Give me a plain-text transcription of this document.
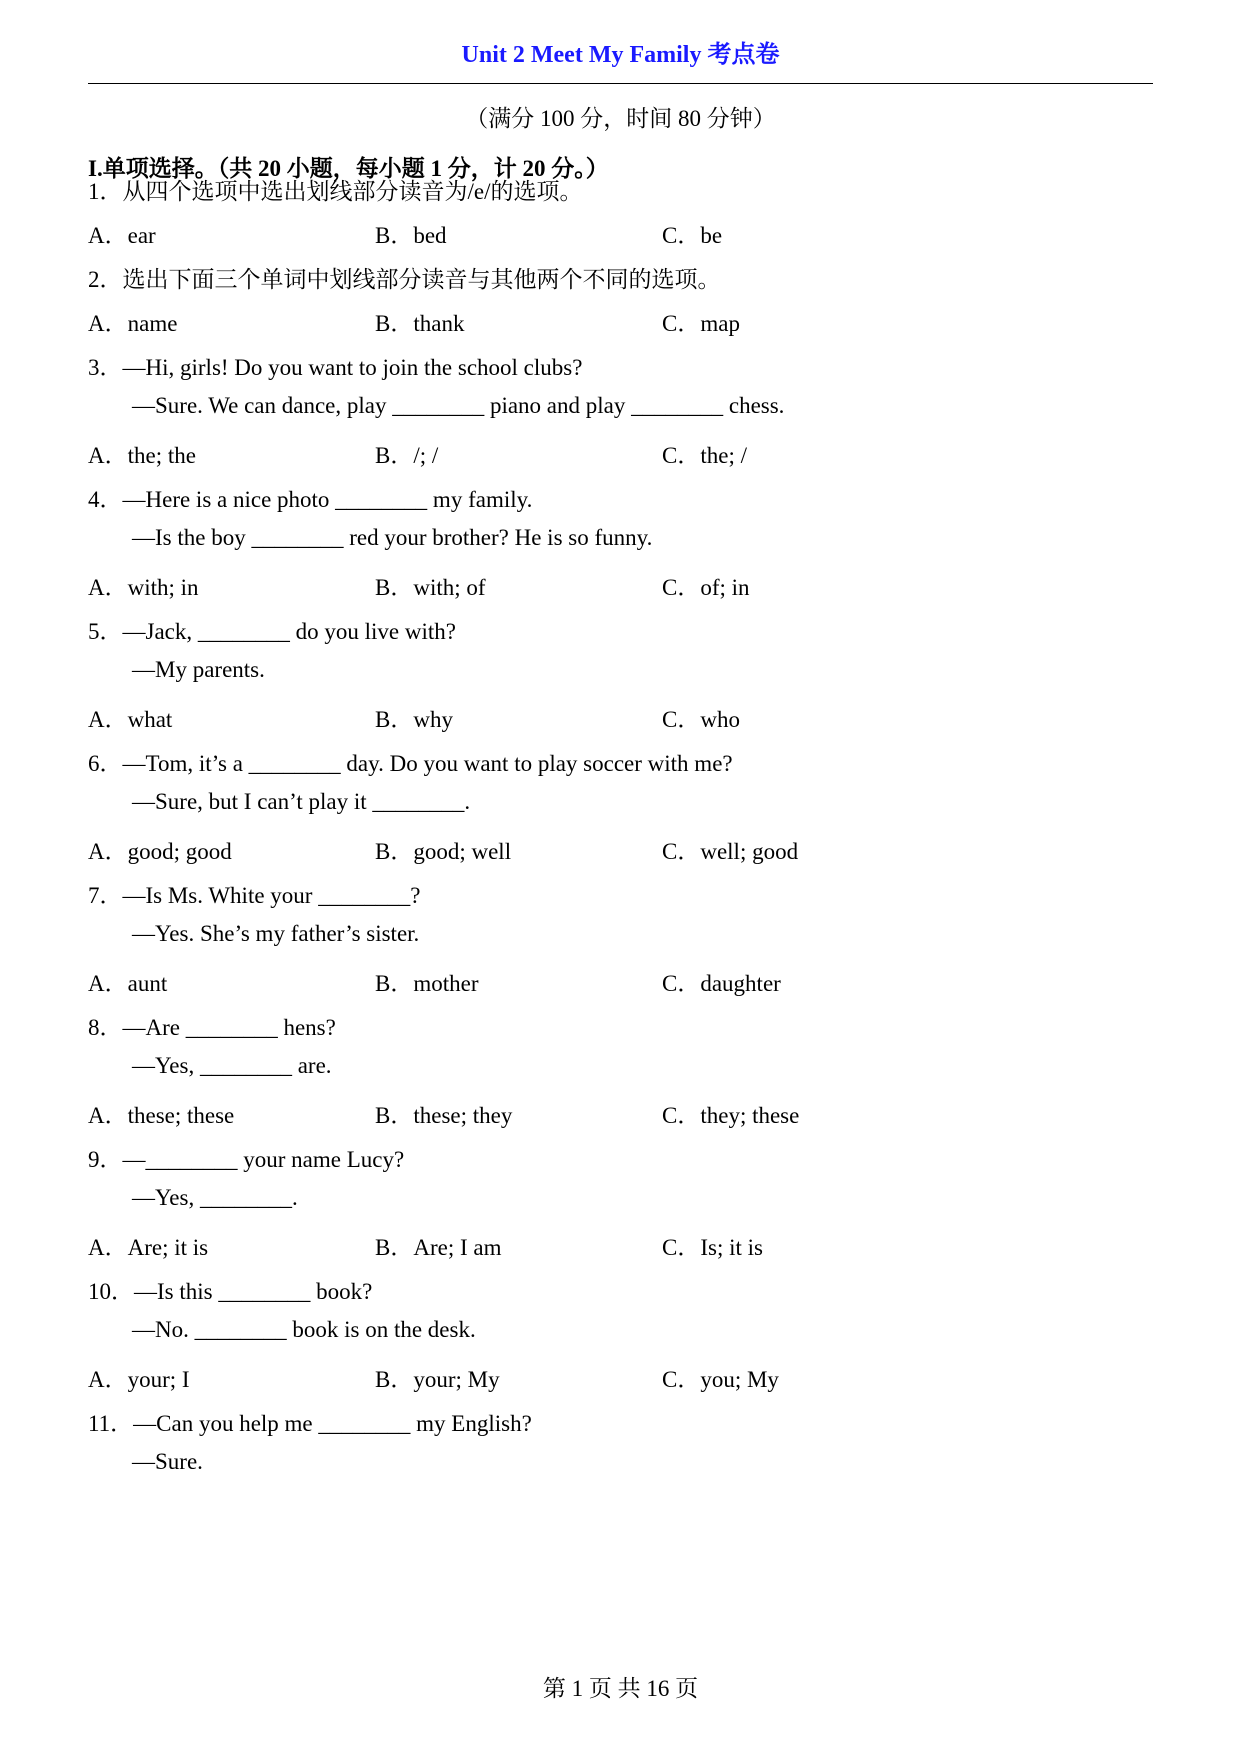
Unit 2 Meet My Family 考点卷
（满分 100 分，时间 80 分钟）
I.单项选择。（共 20 小题，每小题 1 分，计 20 分。）
1．从四个选项中选出划线部分读音为/e/的选项。
A．ear	B．bed	C．be
2．选出下面三个单词中划线部分读音与其他两个不同的选项。
A．name	B．thank	C．map
3．—Hi, girls! Do you want to join the school clubs?
—Sure. We can dance, play ________ piano and play ________ chess.
A．the; the	B．/; /	C．the; /
4．—Here is a nice photo ________ my family.
—Is the boy ________ red your brother? He is so funny.
A．with; in	B．with; of	C．of; in
5．—Jack, ________ do you live with?
—My parents.
A．what	B．why	C．who
6．—Tom, it’s a ________ day. Do you want to play soccer with me?
—Sure, but I can’t play it ________.
A．good; good	B．good; well	C．well; good
7．—Is Ms. White your ________?
—Yes. She’s my father’s sister.
A．aunt	B．mother	C．daughter
8．—Are ________ hens?
—Yes, ________ are.
A．these; these	B．these; they	C．they; these
9．—________ your name Lucy?
—Yes, ________.
A．Are; it is	B．Are; I am	C．Is; it is
10．—Is this ________ book?
—No. ________ book is on the desk.
A．your; I	B．your; My	C．you; My
11．—Can you help me ________ my English?
—Sure.
第 1 页 共 16 页
